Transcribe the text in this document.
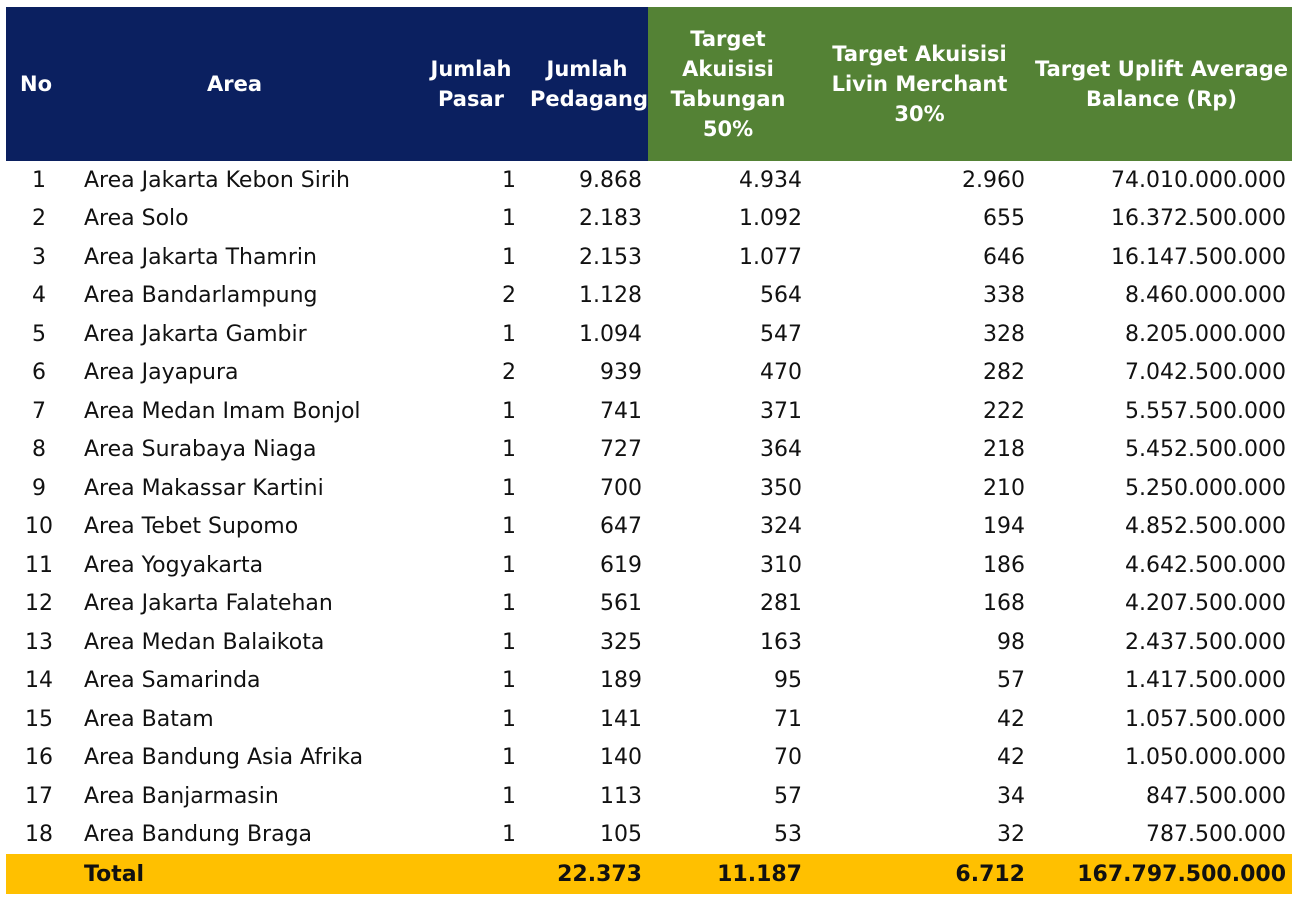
No	Area	Jumlah Pasar	Jumlah Pedagang	Target Akuisisi Tabungan 50%	Target Akuisisi Livin Merchant 30%	Target Uplift Average Balance (Rp)
1	Area Jakarta Kebon Sirih	1	9.868	4.934	2.960	74.010.000.000
2	Area Solo	1	2.183	1.092	655	16.372.500.000
3	Area Jakarta Thamrin	1	2.153	1.077	646	16.147.500.000
4	Area Bandarlampung	2	1.128	564	338	8.460.000.000
5	Area Jakarta Gambir	1	1.094	547	328	8.205.000.000
6	Area Jayapura	2	939	470	282	7.042.500.000
7	Area Medan Imam Bonjol	1	741	371	222	5.557.500.000
8	Area Surabaya Niaga	1	727	364	218	5.452.500.000
9	Area Makassar Kartini	1	700	350	210	5.250.000.000
10	Area Tebet Supomo	1	647	324	194	4.852.500.000
11	Area Yogyakarta	1	619	310	186	4.642.500.000
12	Area Jakarta Falatehan	1	561	281	168	4.207.500.000
13	Area Medan Balaikota	1	325	163	98	2.437.500.000
14	Area Samarinda	1	189	95	57	1.417.500.000
15	Area Batam	1	141	71	42	1.057.500.000
16	Area Bandung Asia Afrika	1	140	70	42	1.050.000.000
17	Area Banjarmasin	1	113	57	34	847.500.000
18	Area Bandung Braga	1	105	53	32	787.500.000
	Total		22.373	11.187	6.712	167.797.500.000
